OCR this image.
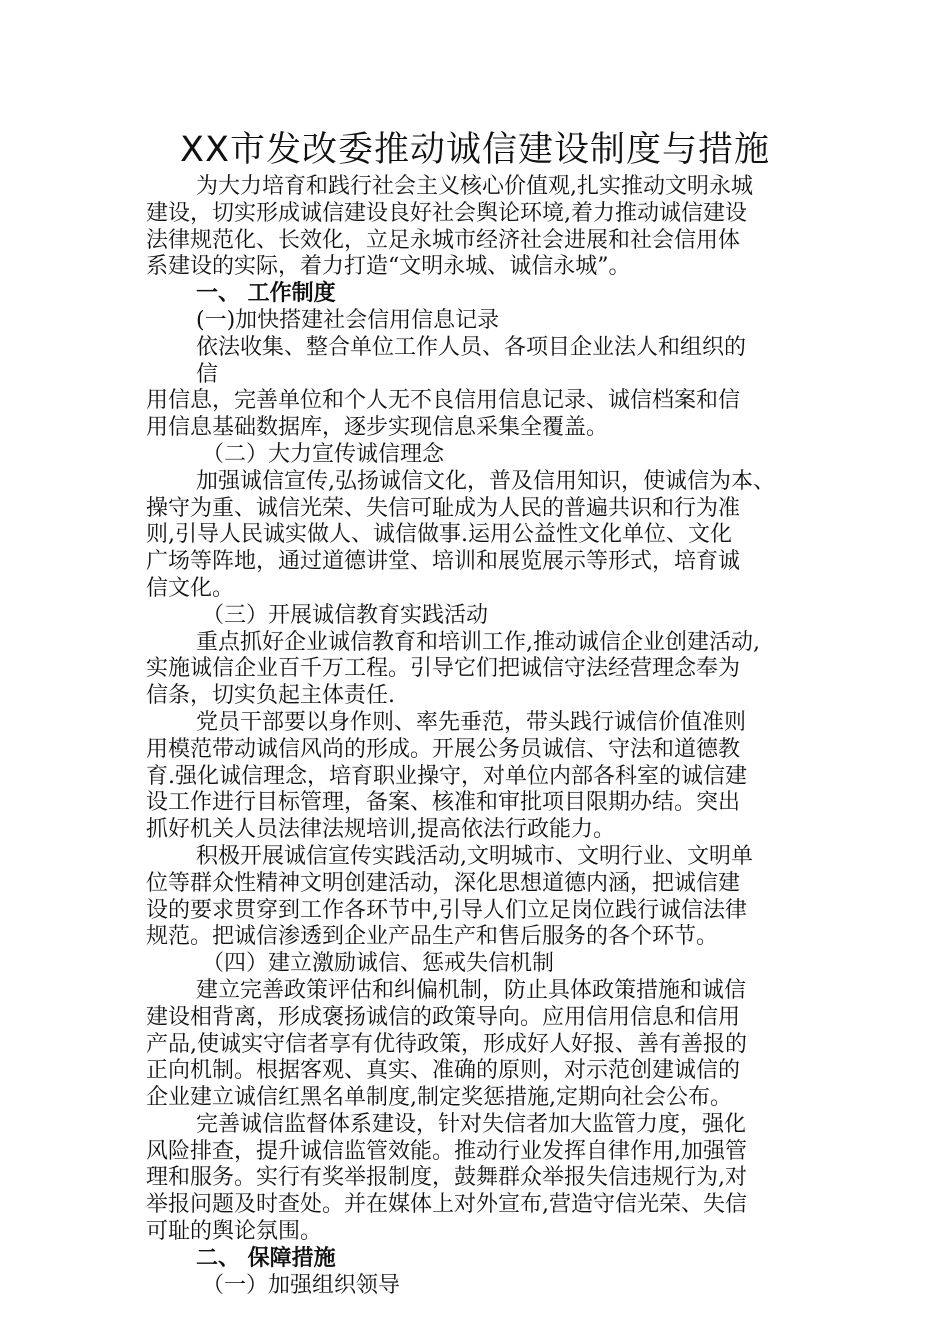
XX市发改委推动诚信建设制度与措施
为大力培育和践行社会主义核心价值观,扎实推动文明永城
建设，切实形成诚信建设良好社会舆论环境,着力推动诚信建设
法律规范化、长效化，立足永城市经济社会进展和社会信用体
系建设的实际，着力打造“文明永城、诚信永城”。
一、 工作制度
(一)加快搭建社会信用信息记录
依法收集、整合单位工作人员、各项目企业法人和组织的
信
用信息，完善单位和个人无不良信用信息记录、诚信档案和信
用信息基础数据库，逐步实现信息采集全覆盖。
（二）大力宣传诚信理念
加强诚信宣传,弘扬诚信文化，普及信用知识，使诚信为本、
操守为重、诚信光荣、失信可耻成为人民的普遍共识和行为准
则,引导人民诚实做人、诚信做事.运用公益性文化单位、文化
广场等阵地，通过道德讲堂、培训和展览展示等形式，培育诚
信文化。
（三）开展诚信教育实践活动
重点抓好企业诚信教育和培训工作,推动诚信企业创建活动,
实施诚信企业百千万工程。引导它们把诚信守法经营理念奉为
信条，切实负起主体责任.
党员干部要以身作则、率先垂范，带头践行诚信价值准则
用模范带动诚信风尚的形成。开展公务员诚信、守法和道德教
育.强化诚信理念，培育职业操守，对单位内部各科室的诚信建
设工作进行目标管理，备案、核准和审批项目限期办结。突出
抓好机关人员法律法规培训,提高依法行政能力。
积极开展诚信宣传实践活动,文明城市、文明行业、文明单
位等群众性精神文明创建活动，深化思想道德内涵，把诚信建
设的要求贯穿到工作各环节中,引导人们立足岗位践行诚信法律
规范。把诚信渗透到企业产品生产和售后服务的各个环节。
（四）建立激励诚信、惩戒失信机制
建立完善政策评估和纠偏机制，防止具体政策措施和诚信
建设相背离，形成褒扬诚信的政策导向。应用信用信息和信用
产品,使诚实守信者享有优待政策，形成好人好报、善有善报的
正向机制。根据客观、真实、准确的原则，对示范创建诚信的
企业建立诚信红黑名单制度,制定奖惩措施,定期向社会公布。
完善诚信监督体系建设，针对失信者加大监管力度，强化
风险排查，提升诚信监管效能。推动行业发挥自律作用,加强管
理和服务。实行有奖举报制度，鼓舞群众举报失信违规行为,对
举报问题及时查处。并在媒体上对外宣布,营造守信光荣、失信
可耻的舆论氛围。
二、 保障措施
（一）加强组织领导
